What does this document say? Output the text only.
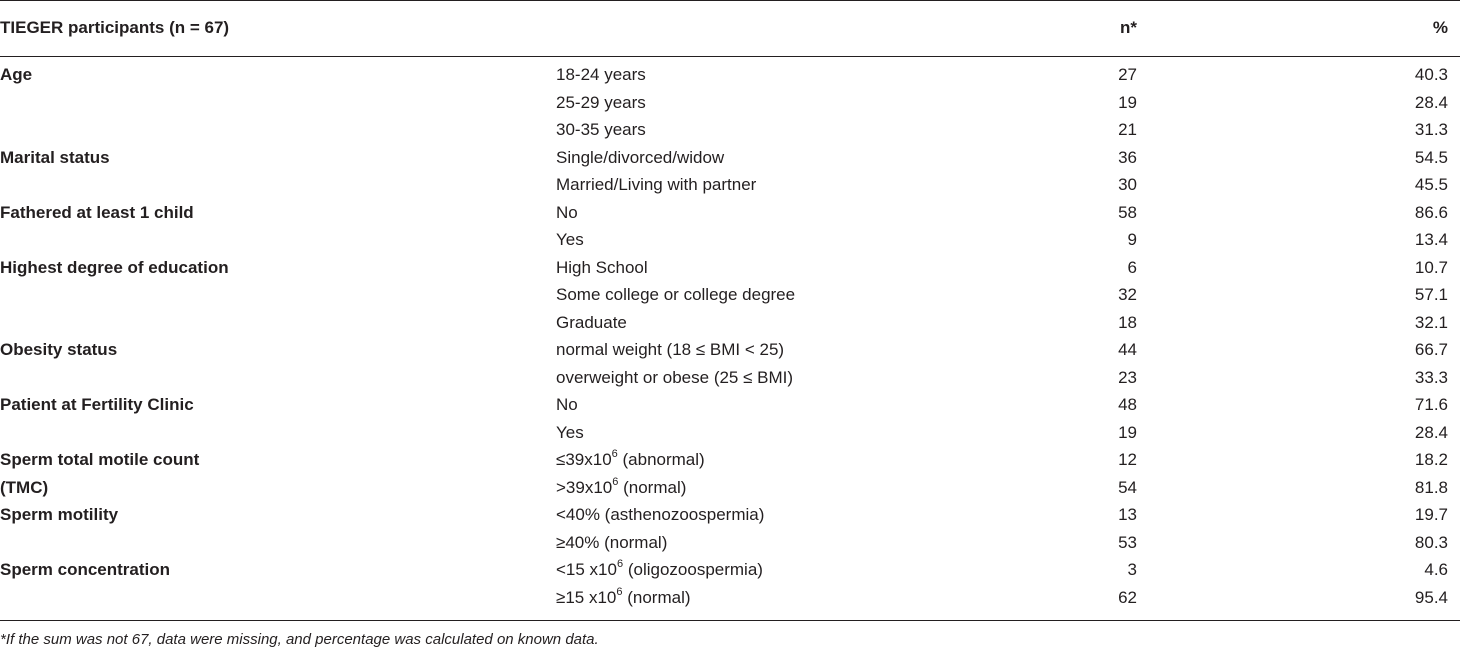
TIEGER participants (n = 67)	n*	%
Age	18-24 years	27	40.3
25-29 years	19	28.4
30-35 years	21	31.3
Marital status	Single/divorced/widow	36	54.5
Married/Living with partner	30	45.5
Fathered at least 1 child	No	58	86.6
Yes	9	13.4
Highest degree of education	High School	6	10.7
Some college or college degree	32	57.1
Graduate	18	32.1
Obesity status	normal weight (18 ≤ BMI < 25)	44	66.7
overweight or obese (25 ≤ BMI)	23	33.3
Patient at Fertility Clinic	No	48	71.6
Yes	19	28.4
Sperm total motile count	$\le 39x10^6$ (abnormal)	12	18.2
(TMC)	$>39x10^6$ (normal)	54	81.8
Sperm motility	<40% (asthenozoospermia)	13	19.7
≥40% (normal)	53	80.3
Sperm concentration	<15 $x10^6$ (oligozoospermia)	3	4.6
≥15 $x10^6$ (normal)	62	95.4
*If the sum was not 67, data were missing, and percentage was calculated on known data.
